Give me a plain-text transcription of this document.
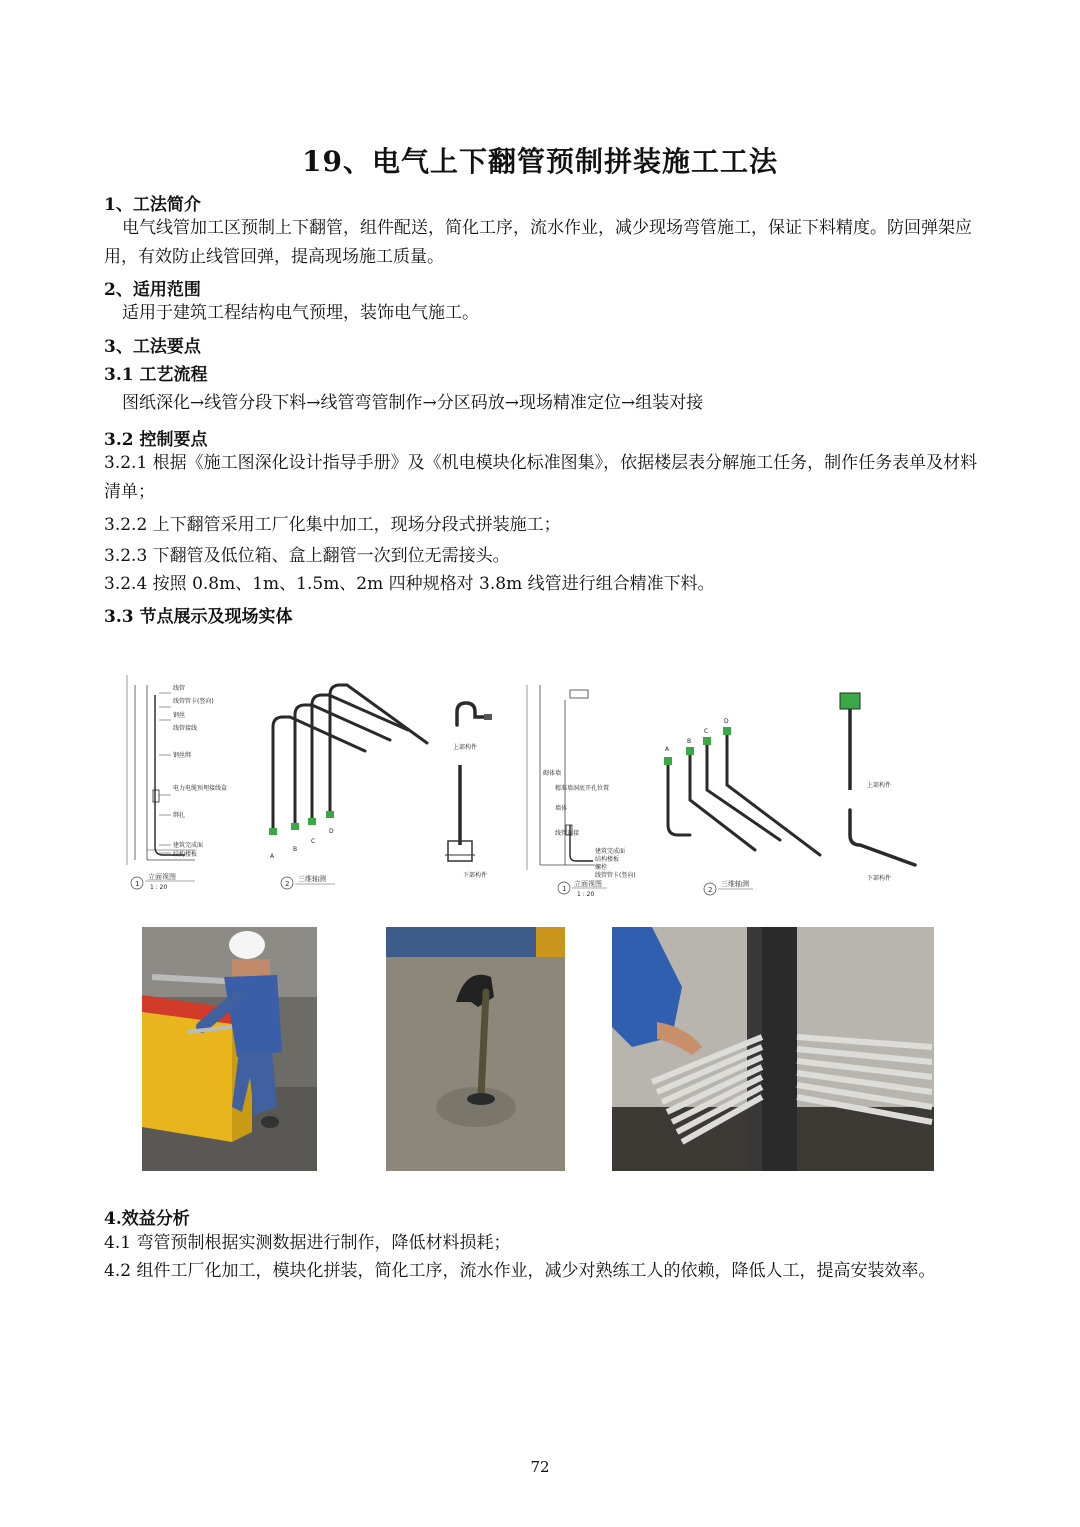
19、电气上下翻管预制拼装施工工法
1、工法简介
电气线管加工区预制上下翻管，组件配送，简化工序，流水作业，减少现场弯管施工，保证下料精度。防回弹架应用，有效防止线管回弹，提高现场施工质量。
2、适用范围
适用于建筑工程结构电气预埋，装饰电气施工。
3、工法要点
3.1 工艺流程
图纸深化→线管分段下料→线管弯管制作→分区码放→现场精准定位→组装对接
3.2 控制要点
3.2.1 根据《施工图深化设计指导手册》及《机电模块化标准图集》，依据楼层表分解施工任务，制作任务表单及材料清单；
3.2.2 上下翻管采用工厂化集中加工，现场分段式拼装施工；
3.2.3 下翻管及低位箱、盒上翻管一次到位无需接头。
3.2.4 按照 0.8m、1m、1.5m、2m 四种规格对 3.8m 线管进行组合精准下料。
3.3 节点展示及现场实体
线管
线管管卡(竖向)
钢丝
线管接线
钢丝绑
电力电缆预埋接线盒
绑扎
建筑完成面
结构楼板
1
立面视图
1 : 20
A
B
C
D
2
三维轴测
上部构件
下部构件
砌体墙
精准墙洞底开孔位置
墙体
线管连接
建筑完成面
结构楼板
螺栓
线管管卡(竖向)
1
立面视图
1 : 20
A
B
C
D
2
三维轴测
上部构件
下部构件
4.效益分析
4.1 弯管预制根据实测数据进行制作，降低材料损耗；
4.2 组件工厂化加工，模块化拼装，简化工序，流水作业，减少对熟练工人的依赖，降低人工，提高安装效率。
72
